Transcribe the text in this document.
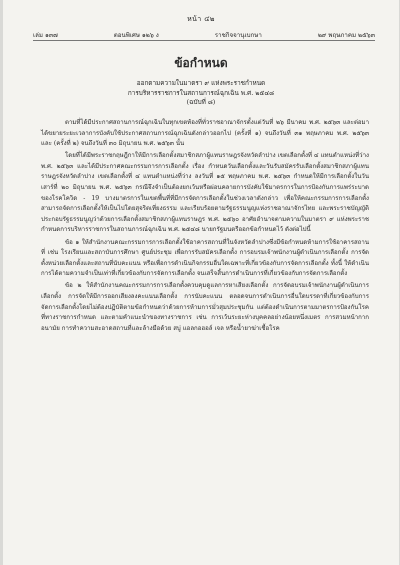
หน้า ๔๒
เล่ม ๑๓๗	ตอนพิเศษ ๑๒๖ ง	ราชกิจจานุเบกษา	๒๙ พฤษภาคม ๒๕๖๓
ข้อกำหนด
ออกตามความในมาตรา ๙ แห่งพระราชกำหนด
การบริหารราชการในสถานการณ์ฉุกเฉิน พ.ศ. ๒๕๔๘
(ฉบับที่ ๘)

ตามที่ได้มีประกาศสถานการณ์ฉุกเฉินในทุกเขตท้องที่ทั่วราชอาณาจักรตั้งแต่วันที่ ๒๖ มีนาคม พ.ศ. ๒๕๖๓ และต่อมาได้ขยายระยะเวลาการบังคับใช้ประกาศสถานการณ์ฉุกเฉินดังกล่าวออกไป (ครั้งที่ ๑) จนถึงวันที่ ๓๑ พฤษภาคม พ.ศ. ๒๕๖๓ และ (ครั้งที่ ๒) จนถึงวันที่ ๓๐ มิถุนายน พ.ศ. ๒๕๖๓ นั้น

โดยที่ได้มีพระราชกฤษฎีกาให้มีการเลือกตั้งสมาชิกสภาผู้แทนราษฎรจังหวัดลำปาง เขตเลือกตั้งที่ ๔ แทนตำแหน่งที่ว่าง พ.ศ. ๒๕๖๓ และได้มีประกาศคณะกรรมการการเลือกตั้ง เรื่อง กำหนดวันเลือกตั้งและวันรับสมัครรับเลือกตั้งสมาชิกสภาผู้แทนราษฎรจังหวัดลำปาง เขตเลือกตั้งที่ ๔ แทนตำแหน่งที่ว่าง ลงวันที่ ๑๕ พฤษภาคม พ.ศ. ๒๕๖๓ กำหนดให้มีการเลือกตั้งในวันเสาร์ที่ ๒๐ มิถุนายน พ.ศ. ๒๕๖๓ กรณีจึงจำเป็นต้องยกเว้นหรือผ่อนคลายการบังคับใช้มาตรการในการป้องกันการแพร่ระบาดของโรคโควิด - 19 บางมาตรการในเขตพื้นที่ที่มีการจัดการเลือกตั้งในช่วงเวลาดังกล่าว เพื่อให้คณะกรรมการการเลือกตั้งสามารถจัดการเลือกตั้งให้เป็นไปโดยสุจริตเที่ยงธรรม และเรียบร้อยตามรัฐธรรมนูญแห่งราชอาณาจักรไทย และพระราชบัญญัติประกอบรัฐธรรมนูญว่าด้วยการเลือกตั้งสมาชิกสภาผู้แทนราษฎร พ.ศ. ๒๕๖๐ อาศัยอำนาจตามความในมาตรา ๙ แห่งพระราชกำหนดการบริหารราชการในสถานการณ์ฉุกเฉิน พ.ศ. ๒๕๔๘ นายกรัฐมนตรีออกข้อกำหนดไว้ ดังต่อไปนี้

ข้อ ๑ ให้สำนักงานคณะกรรมการการเลือกตั้งใช้อาคารสถานที่ในจังหวัดลำปางซึ่งมีข้อกำหนดห้ามการใช้อาคารสถานที่ เช่น โรงเรียนและสถาบันการศึกษา ศูนย์ประชุม เพื่อการรับสมัครเลือกตั้ง การอบรมเจ้าพนักงานผู้ดำเนินการเลือกตั้ง การจัดตั้งหน่วยเลือกตั้งและสถานที่นับคะแนน หรือเพื่อการดำเนินกิจกรรมอื่นใดเฉพาะที่เกี่ยวข้องกับการจัดการเลือกตั้ง ทั้งนี้ ให้ดำเนินการได้ตามความจำเป็นเท่าที่เกี่ยวข้องกับการจัดการเลือกตั้ง จนเสร็จสิ้นการดำเนินการที่เกี่ยวข้องกับการจัดการเลือกตั้ง

ข้อ ๒ ให้สำนักงานคณะกรรมการการเลือกตั้งควบคุมดูแลการหาเสียงเลือกตั้ง การจัดอบรมเจ้าพนักงานผู้ดำเนินการเลือกตั้ง การจัดให้มีการออกเสียงลงคะแนนเลือกตั้ง การนับคะแนน ตลอดจนการดำเนินการอื่นใดบรรดาที่เกี่ยวข้องกับการจัดการเลือกตั้งโดยไม่ต้องปฏิบัติตามข้อกำหนดว่าด้วยการห้ามการมั่วสุมประชุมกัน แต่ต้องดำเนินการตามมาตรการป้องกันโรคที่ทางราชการกำหนด และตามคำแนะนำของทางราชการ เช่น การเว้นระยะห่างบุคคลอย่างน้อยหนึ่งเมตร การสวมหน้ากากอนามัย การทำความสะอาดสถานที่และล้างมือด้วย สบู่ แอลกอฮอล์ เจล หรือน้ำยาฆ่าเชื้อโรค
